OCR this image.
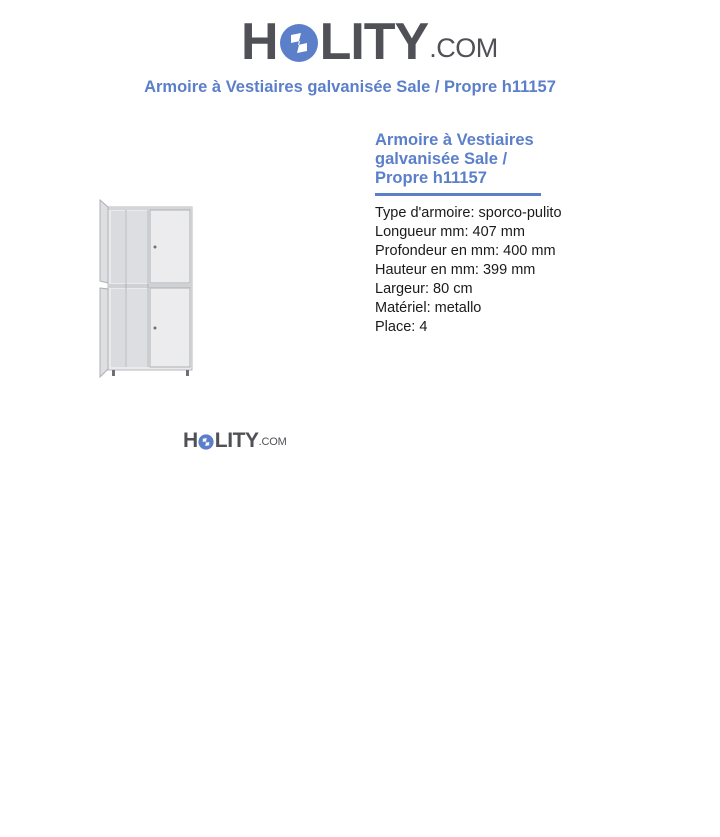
H LITY .COM
Armoire à Vestiaires galvanisée Sale / Propre h11157
H LITY .COM
Armoire à Vestiaires
galvanisée Sale /
Propre h11157
Type d'armoire: sporco-pulito
Longueur mm: 407 mm
Profondeur en mm: 400 mm
Hauteur en mm: 399 mm
Largeur: 80 cm
Matériel: metallo
Place: 4
